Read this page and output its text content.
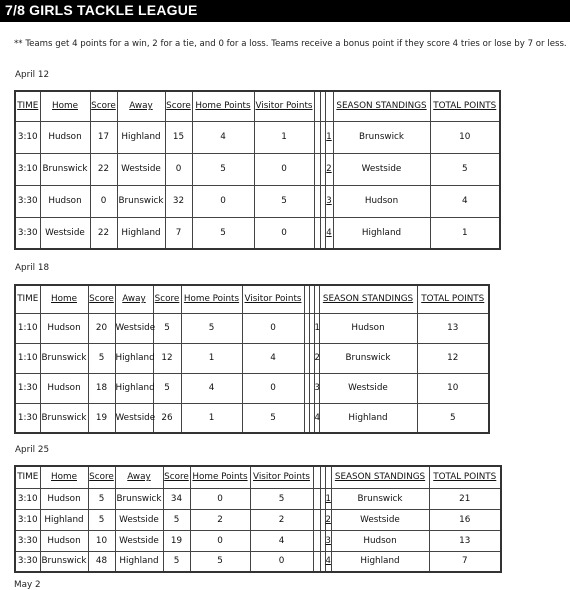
7/8 GIRLS TACKLE LEAGUE
** Teams get 4 points for a win, 2 for a tie, and 0 for a loss. Teams receive a bonus point if they score 4 tries or lose by 7 or less.
April 12
April 18
April 25
May 2
TIME	Home	Score	Away	Score	Home Points	Visitor Points				SEASON STANDINGS	TOTAL POINTS
3:10	Hudson	17	Highland	15	4	1			1	Brunswick	10
3:10	Brunswick	22	Westside	0	5	0			2	Westside	5
3:30	Hudson	0	Brunswick	32	0	5			3	Hudson	4
3:30	Westside	22	Highland	7	5	0			4	Highland	1
TIME	Home	Score	Away	Score	Home Points	Visitor Points				SEASON STANDINGS	TOTAL POINTS
1:10	Hudson	20	Westside	5	5	0			1	Hudson	13
1:10	Brunswick	5	Highland	12	1	4			2	Brunswick	12
1:30	Hudson	18	Highland	5	4	0			3	Westside	10
1:30	Brunswick	19	Westside	26	1	5			4	Highland	5
TIME	Home	Score	Away	Score	Home Points	Visitor Points				SEASON STANDINGS	TOTAL POINTS
3:10	Hudson	5	Brunswick	34	0	5			1	Brunswick	21
3:10	Highland	5	Westside	5	2	2			2	Westside	16
3:30	Hudson	10	Westside	19	0	4			3	Hudson	13
3:30	Brunswick	48	Highland	5	5	0			4	Highland	7
